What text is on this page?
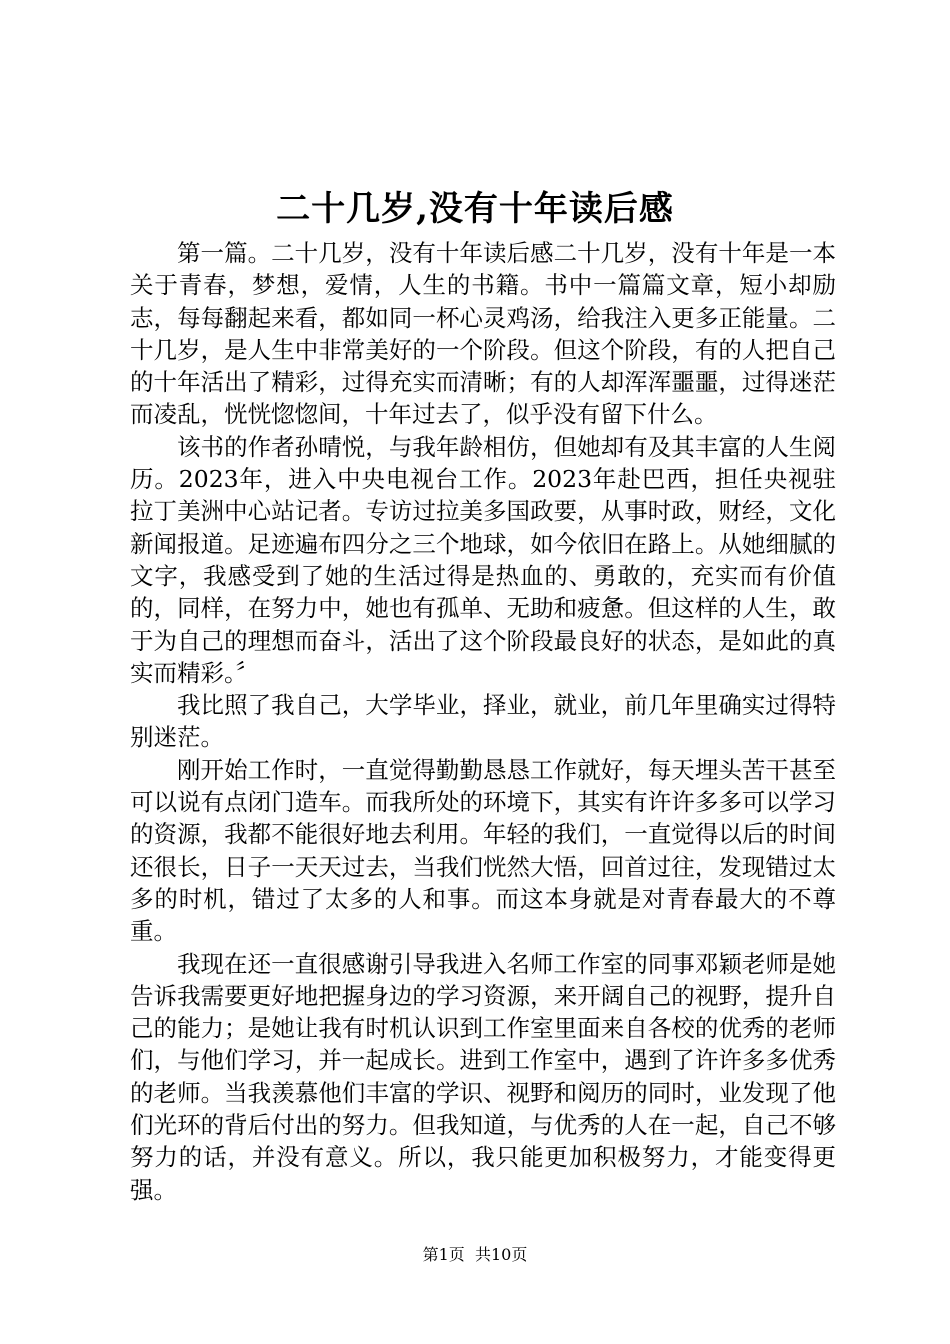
二十几岁,没有十年读后感

第一篇。二十几岁，没有十年读后感二十几岁，没有十年是一本关于青春，梦想，爱情，人生的书籍。书中一篇篇文章，短小却励志，每每翻起来看，都如同一杯心灵鸡汤，给我注入更多正能量。二十几岁，是人生中非常美好的一个阶段。但这个阶段，有的人把自己的十年活出了精彩，过得充实而清晰；有的人却浑浑噩噩，过得迷茫而凌乱，恍恍惚惚间，十年过去了，似乎没有留下什么。

该书的作者孙晴悦，与我年龄相仿，但她却有及其丰富的人生阅历。2023年，进入中央电视台工作。2023年赴巴西，担任央视驻拉丁美洲中心站记者。专访过拉美多国政要，从事时政，财经，文化新闻报道。足迹遍布四分之三个地球，如今依旧在路上。从她细腻的文字，我感受到了她的生活过得是热血的、勇敢的，充实而有价值的，同样，在努力中，她也有孤单、无助和疲惫。但这样的人生，敢于为自己的理想而奋斗，活出了这个阶段最良好的状态，是如此的真实而精彩。〞

我比照了我自己，大学毕业，择业，就业，前几年里确实过得特别迷茫。

刚开始工作时，一直觉得勤勤恳恳工作就好，每天埋头苦干甚至可以说有点闭门造车。而我所处的环境下，其实有许许多多可以学习的资源，我都不能很好地去利用。年轻的我们，一直觉得以后的时间还很长，日子一天天过去，当我们恍然大悟，回首过往，发现错过太多的时机，错过了太多的人和事。而这本身就是对青春最大的不尊重。

我现在还一直很感谢引导我进入名师工作室的同事邓颖老师是她告诉我需要更好地把握身边的学习资源，来开阔自己的视野，提升自己的能力；是她让我有时机认识到工作室里面来自各校的优秀的老师们，与他们学习，并一起成长。进到工作室中，遇到了许许多多优秀的老师。当我羡慕他们丰富的学识、视野和阅历的同时，业发现了他们光环的背后付出的努力。但我知道，与优秀的人在一起，自己不够努力的话，并没有意义。所以，我只能更加积极努力，才能变得更强。

第1页 共10页
